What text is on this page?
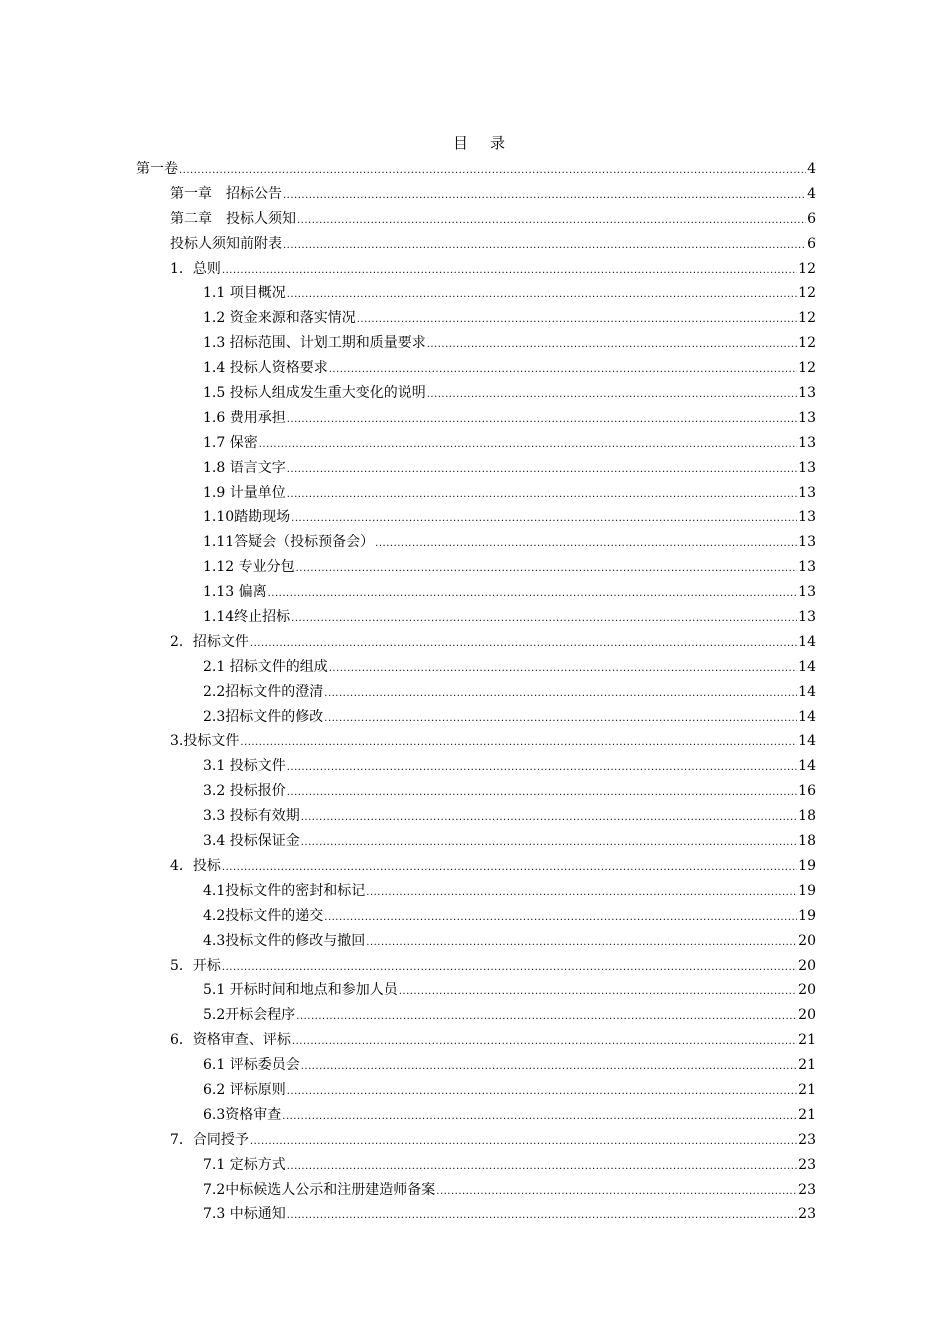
目录
第一卷 .....	4
第一章　招标公告 .....	4
第二章　投标人须知 .....	6
投标人须知前附表 .....	6
1．总则 .....	12
1.1 项目概况 .....	12
1.2 资金来源和落实情况 .....	12
1.3 招标范围、计划工期和质量要求 .....	12
1.4 投标人资格要求 .....	12
1.5 投标人组成发生重大变化的说明 .....	13
1.6 费用承担 .....	13
1.7 保密 .....	13
1.8 语言文字 .....	13
1.9 计量单位 .....	13
1.10踏勘现场 .....	13
1.11答疑会（投标预备会） .....	13
1.12 专业分包 .....	13
1.13 偏离 .....	13
1.14终止招标 .....	13
2．招标文件 .....	14
2.1 招标文件的组成 .....	14
2.2招标文件的澄清 .....	14
2.3招标文件的修改 .....	14
3.投标文件 .....	14
3.1 投标文件 .....	14
3.2 投标报价 .....	16
3.3 投标有效期 .....	18
3.4 投标保证金 .....	18
4．投标 .....	19
4.1投标文件的密封和标记 .....	19
4.2投标文件的递交 .....	19
4.3投标文件的修改与撤回 .....	20
5．开标 .....	20
5.1 开标时间和地点和参加人员 .....	20
5.2开标会程序 .....	20
6．资格审查、评标 .....	21
6.1 评标委员会 .....	21
6.2 评标原则 .....	21
6.3资格审查 .....	21
7．合同授予 .....	23
7.1 定标方式 .....	23
7.2中标候选人公示和注册建造师备案 .....	23
7.3 中标通知 .....	23
